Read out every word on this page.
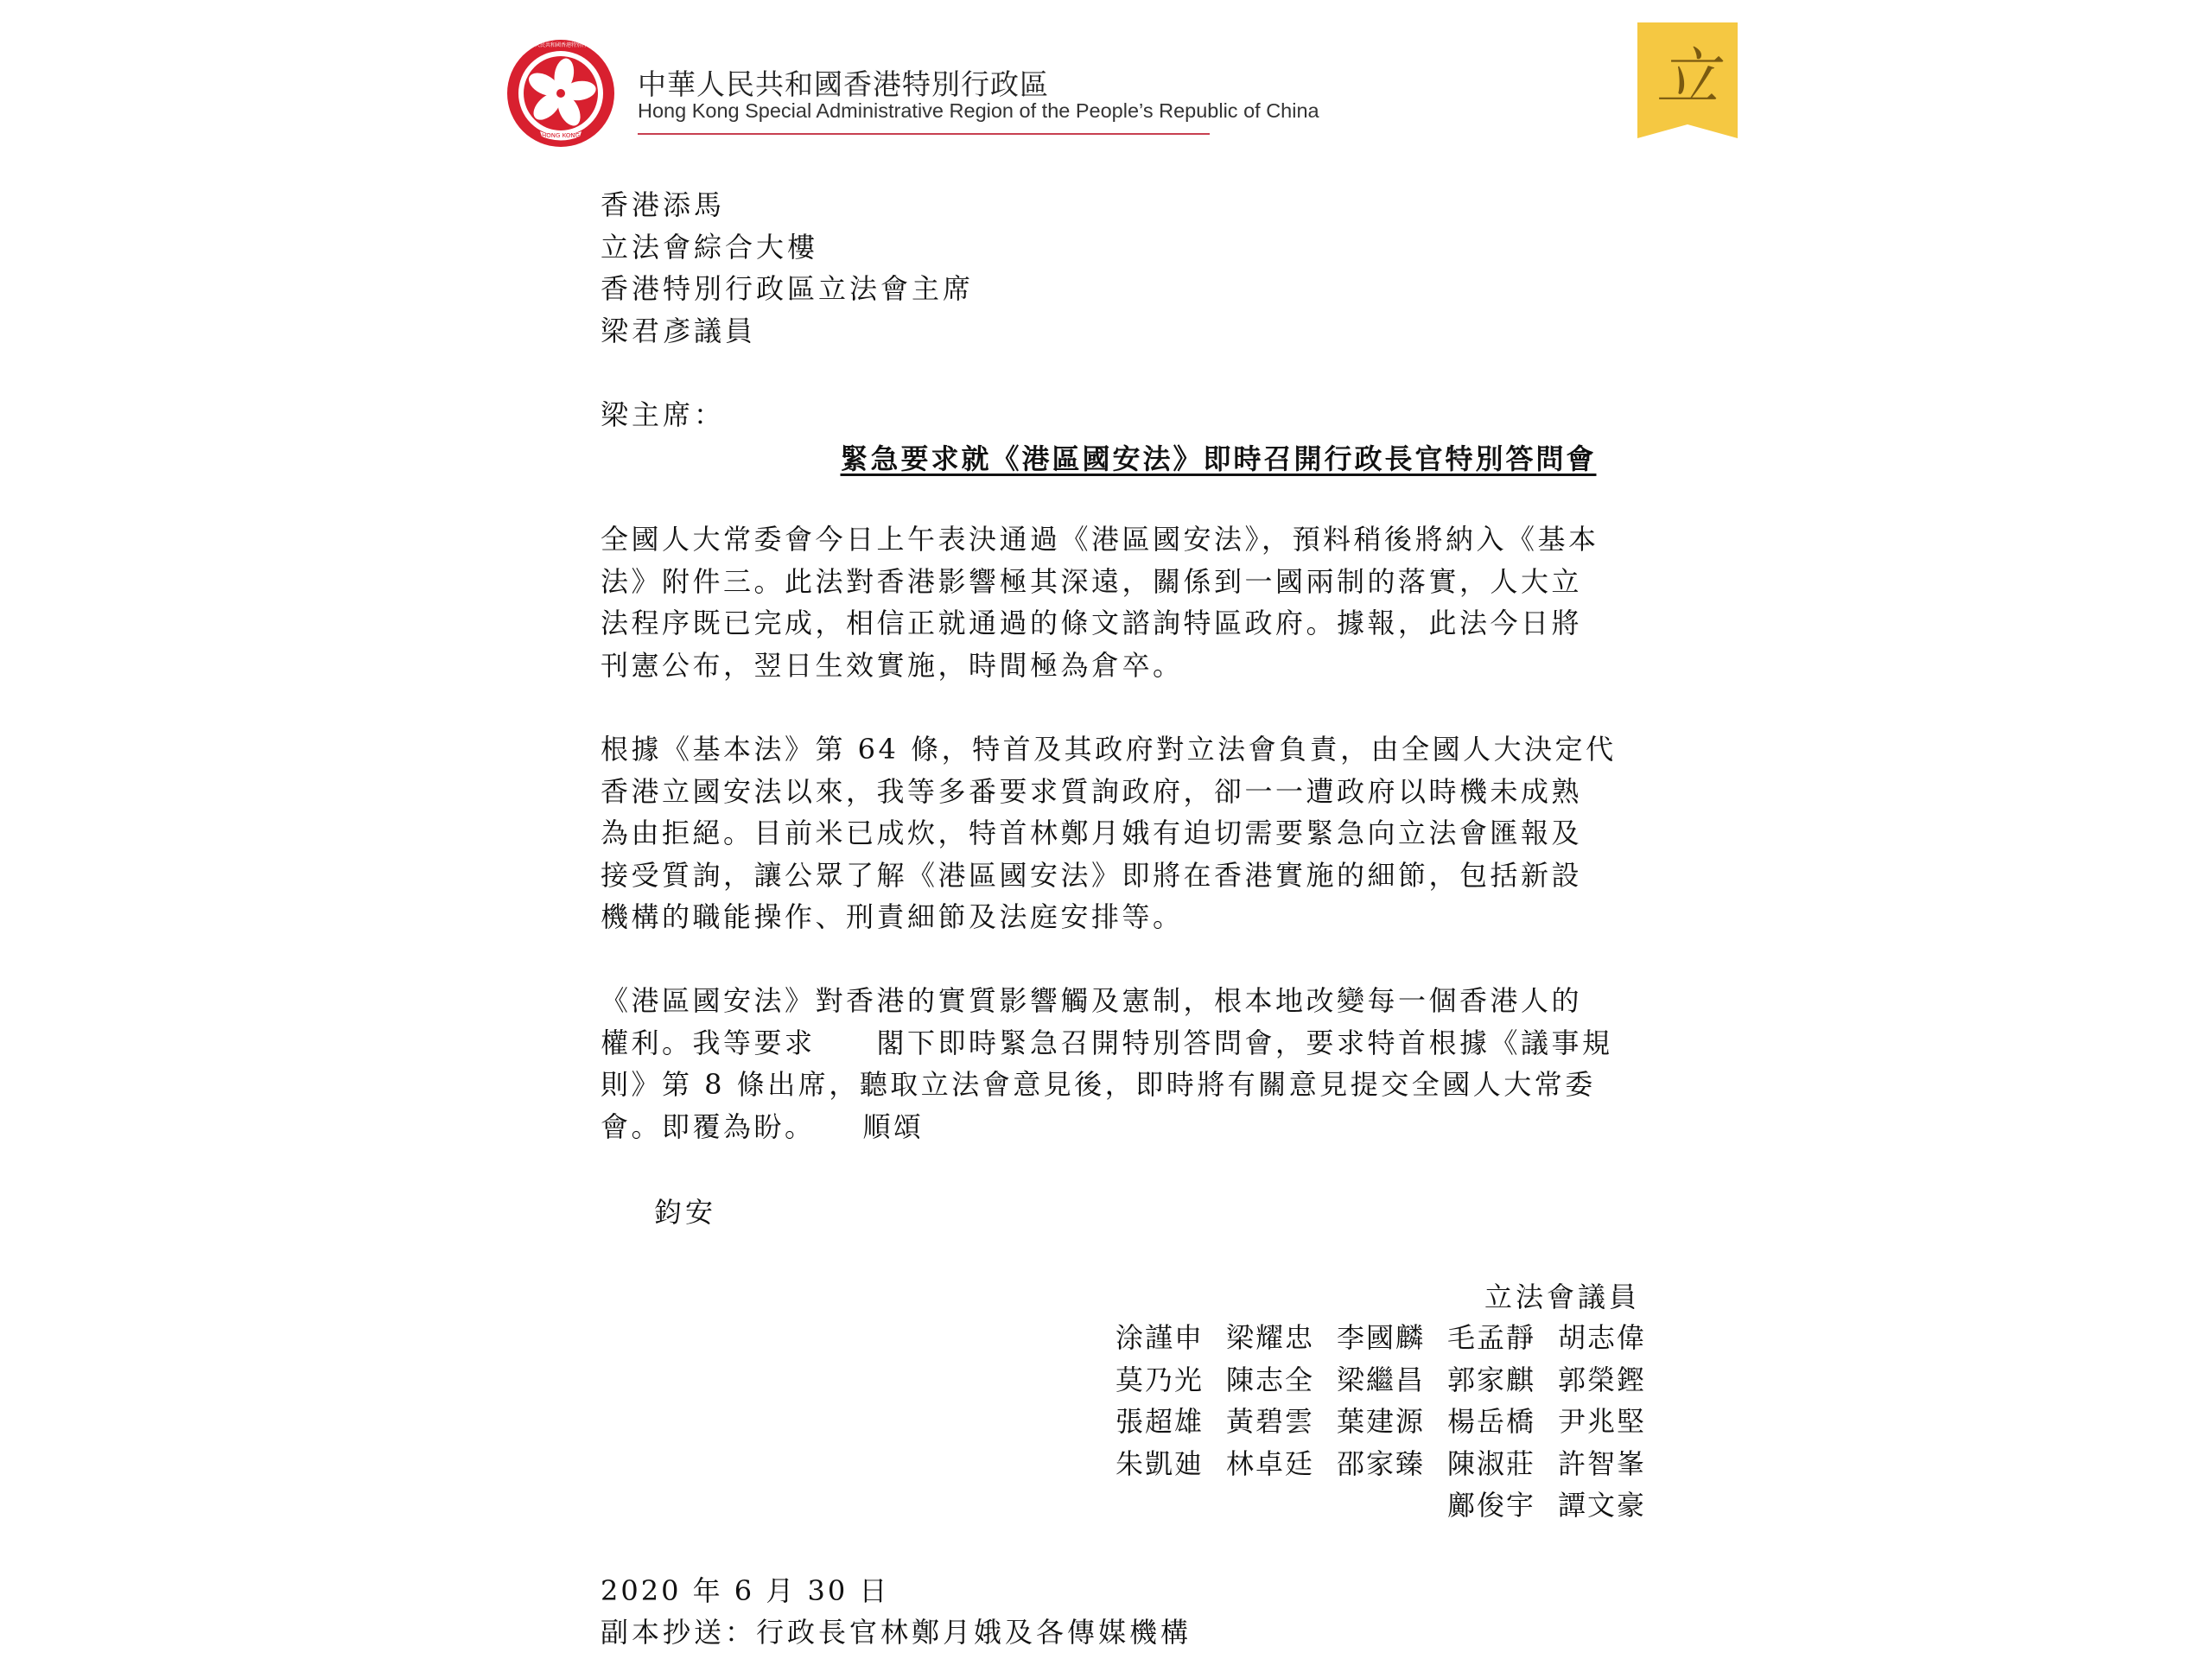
HONG KONG
中華人民共和國香港特別行政區
中華人民共和國香港特別行政區
Hong Kong Special Administrative Region of the People’s Republic of China	立
香港添馬
立法會綜合大樓
香港特別行政區立法會主席
梁君彥議員
梁主席：
緊急要求就《港區國安法》即時召開行政長官特別答問會
全國人大常委會今日上午表決通過《港區國安法》，預料稍後將納入《基本
法》附件三。此法對香港影響極其深遠，關係到一國兩制的落實，人大立
法程序既已完成，相信正就通過的條文諮詢特區政府。據報，此法今日將
刊憲公布，翌日生效實施，時間極為倉卒。
根據《基本法》第 64 條，特首及其政府對立法會負責，由全國人大決定代
香港立國安法以來，我等多番要求質詢政府，卻一一遭政府以時機未成熟
為由拒絕。目前米已成炊，特首林鄭月娥有迫切需要緊急向立法會匯報及
接受質詢，讓公眾了解《港區國安法》即將在香港實施的細節，包括新設
機構的職能操作、刑責細節及法庭安排等。
《港區國安法》對香港的實質影響觸及憲制，根本地改變每一個香港人的
權利。我等要求　　閣下即時緊急召開特別答問會，要求特首根據《議事規
則》第 8 條出席，聽取立法會意見後，即時將有關意見提交全國人大常委
會。即覆為盼。　　順頌
鈞安
立法會議員
涂謹申 梁耀忠 李國麟 毛孟靜 胡志偉
莫乃光 陳志全 梁繼昌 郭家麒 郭榮鏗
張超雄 黃碧雲 葉建源 楊岳橋 尹兆堅
朱凱廸 林卓廷 邵家臻 陳淑莊 許智峯
鄺俊宇 譚文豪
2020 年 6 月 30 日
副本抄送：行政長官林鄭月娥及各傳媒機構
